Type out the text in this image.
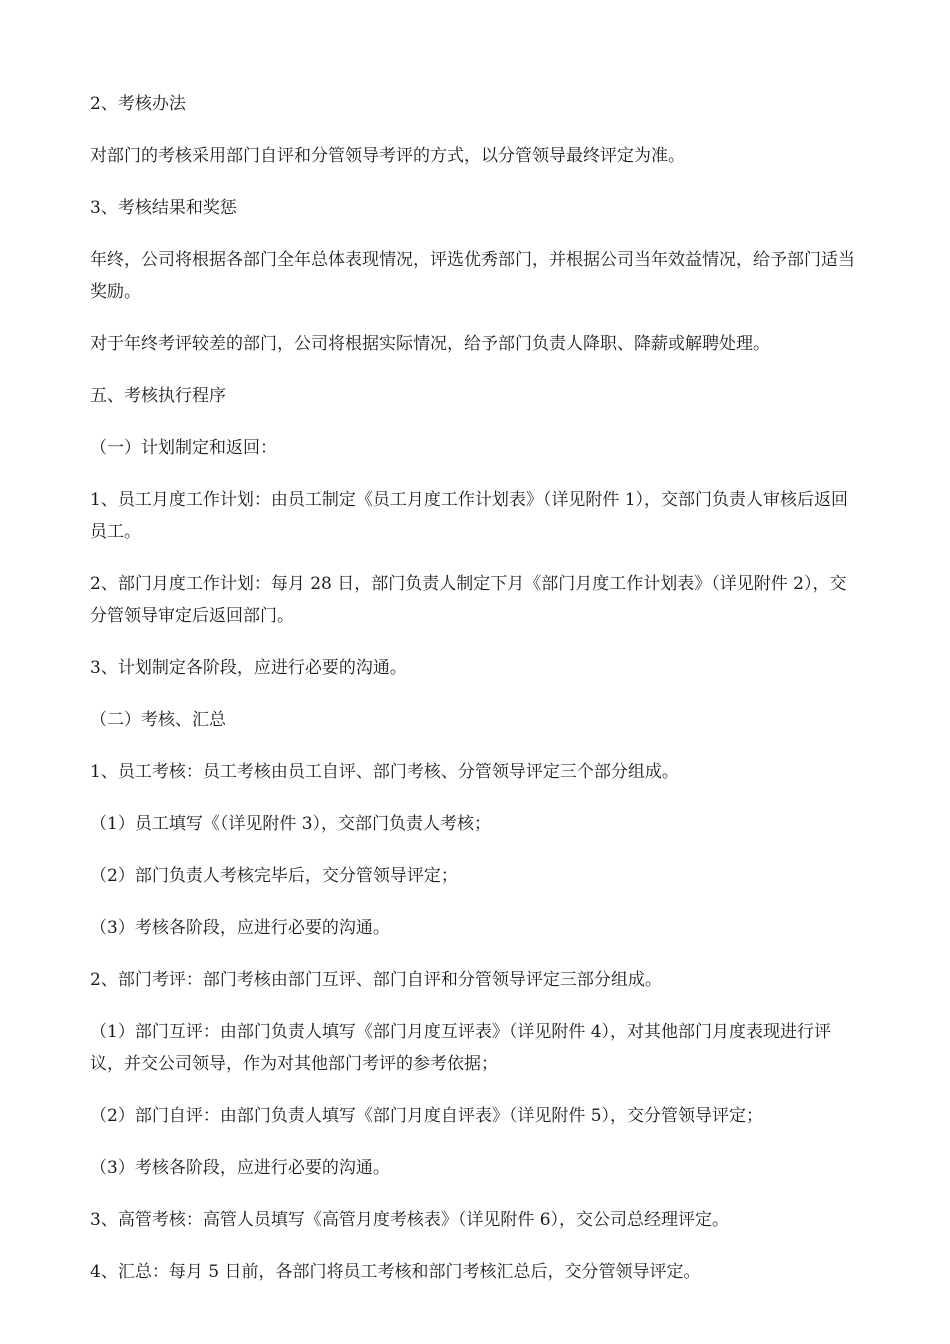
2、考核办法

对部门的考核采用部门自评和分管领导考评的方式，以分管领导最终评定为准。

3、考核结果和奖惩

年终，公司将根据各部门全年总体表现情况，评选优秀部门，并根据公司当年效益情况，给予部门适当奖励。

对于年终考评较差的部门，公司将根据实际情况，给予部门负责人降职、降薪或解聘处理。

五、考核执行程序

（一）计划制定和返回：

1、员工月度工作计划：由员工制定《员工月度工作计划表》（详见附件 1），交部门负责人审核后返回员工。

2、部门月度工作计划：每月 28 日，部门负责人制定下月《部门月度工作计划表》（详见附件 2），交分管领导审定后返回部门。

3、计划制定各阶段，应进行必要的沟通。

（二）考核、汇总

1、员工考核：员工考核由员工自评、部门考核、分管领导评定三个部分组成。

（1）员工填写《（详见附件 3），交部门负责人考核；

（2）部门负责人考核完毕后，交分管领导评定；

（3）考核各阶段，应进行必要的沟通。

2、部门考评：部门考核由部门互评、部门自评和分管领导评定三部分组成。

（1）部门互评：由部门负责人填写《部门月度互评表》（详见附件 4），对其他部门月度表现进行评议，并交公司领导，作为对其他部门考评的参考依据；

（2）部门自评：由部门负责人填写《部门月度自评表》（详见附件 5），交分管领导评定；

（3）考核各阶段，应进行必要的沟通。

3、高管考核：高管人员填写《高管月度考核表》（详见附件 6），交公司总经理评定。

4、汇总：每月 5 日前，各部门将员工考核和部门考核汇总后，交分管领导评定。
